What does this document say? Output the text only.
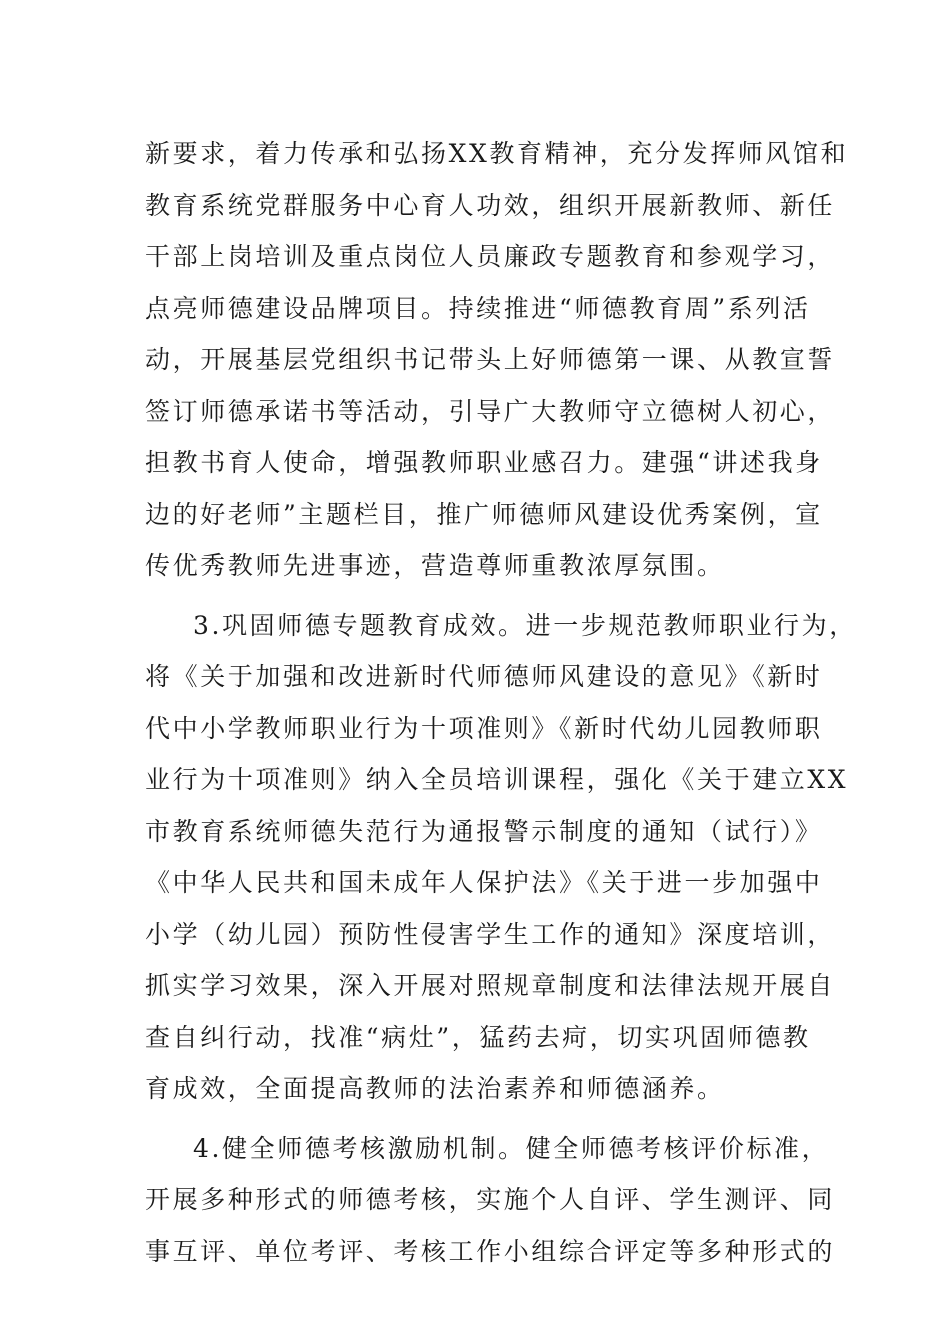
新要求，着力传承和弘扬XX教育精神，充分发挥师风馆和
教育系统党群服务中心育人功效，组织开展新教师、新任
干部上岗培训及重点岗位人员廉政专题教育和参观学习，
点亮师德建设品牌项目。持续推进“师德教育周”系列活
动，开展基层党组织书记带头上好师德第一课、从教宣誓
签订师德承诺书等活动，引导广大教师守立德树人初心，
担教书育人使命，增强教师职业感召力。建强“讲述我身
边的好老师”主题栏目，推广师德师风建设优秀案例，宣
传优秀教师先进事迹，营造尊师重教浓厚氛围。
3.巩固师德专题教育成效。进一步规范教师职业行为，
将《关于加强和改进新时代师德师风建设的意见》《新时
代中小学教师职业行为十项准则》《新时代幼儿园教师职
业行为十项准则》纳入全员培训课程，强化《关于建立XX
市教育系统师德失范行为通报警示制度的通知（试行）》
《中华人民共和国未成年人保护法》《关于进一步加强中
小学（幼儿园）预防性侵害学生工作的通知》深度培训，
抓实学习效果，深入开展对照规章制度和法律法规开展自
查自纠行动，找准“病灶”，猛药去疴，切实巩固师德教
育成效，全面提高教师的法治素养和师德涵养。
4.健全师德考核激励机制。健全师德考核评价标准，
开展多种形式的师德考核，实施个人自评、学生测评、同
事互评、单位考评、考核工作小组综合评定等多种形式的
